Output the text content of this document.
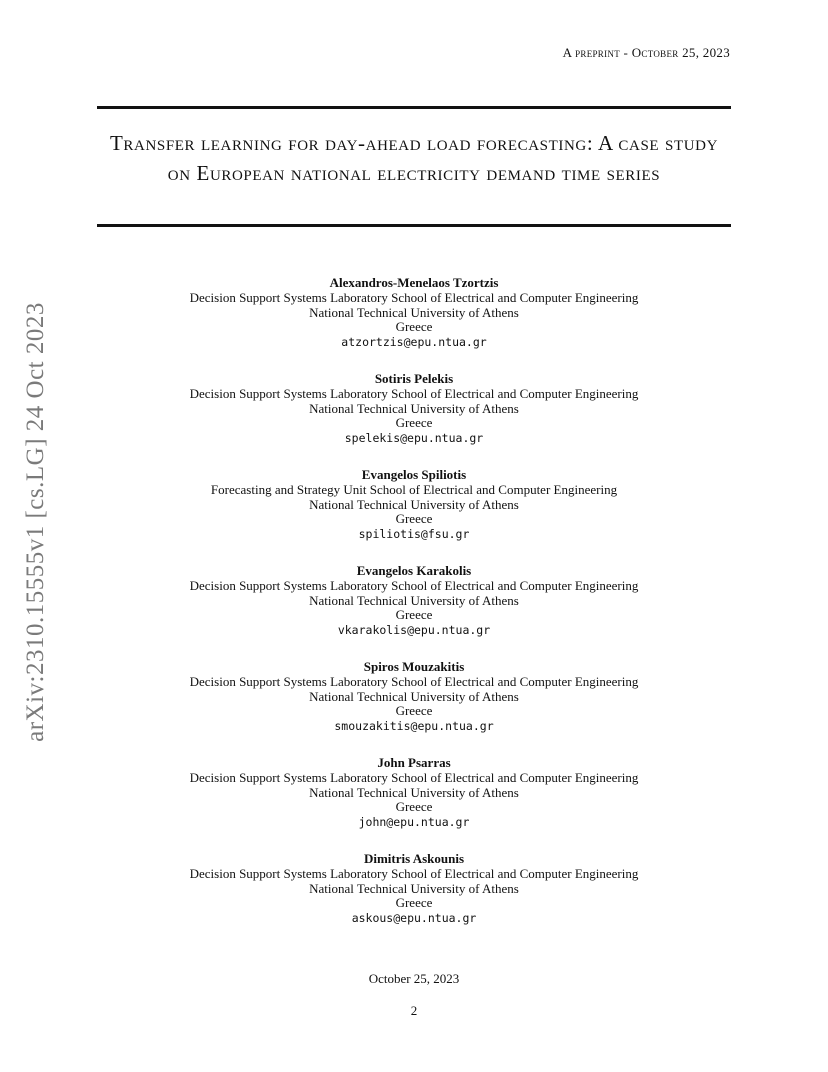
A preprint - October 25, 2023
Transfer learning for day-ahead load forecasting: A case study on European national electricity demand time series
arXiv:2310.15555v1 [cs.LG] 24 Oct 2023
Alexandros-Menelaos Tzortzis
Decision Support Systems Laboratory School of Electrical and Computer Engineering
National Technical University of Athens
Greece
atzortzis@epu.ntua.gr
Sotiris Pelekis
Decision Support Systems Laboratory School of Electrical and Computer Engineering
National Technical University of Athens
Greece
spelekis@epu.ntua.gr
Evangelos Spiliotis
Forecasting and Strategy Unit School of Electrical and Computer Engineering
National Technical University of Athens
Greece
spiliotis@fsu.gr
Evangelos Karakolis
Decision Support Systems Laboratory School of Electrical and Computer Engineering
National Technical University of Athens
Greece
vkarakolis@epu.ntua.gr
Spiros Mouzakitis
Decision Support Systems Laboratory School of Electrical and Computer Engineering
National Technical University of Athens
Greece
smouzakitis@epu.ntua.gr
John Psarras
Decision Support Systems Laboratory School of Electrical and Computer Engineering
National Technical University of Athens
Greece
john@epu.ntua.gr
Dimitris Askounis
Decision Support Systems Laboratory School of Electrical and Computer Engineering
National Technical University of Athens
Greece
askous@epu.ntua.gr
October 25, 2023
2
